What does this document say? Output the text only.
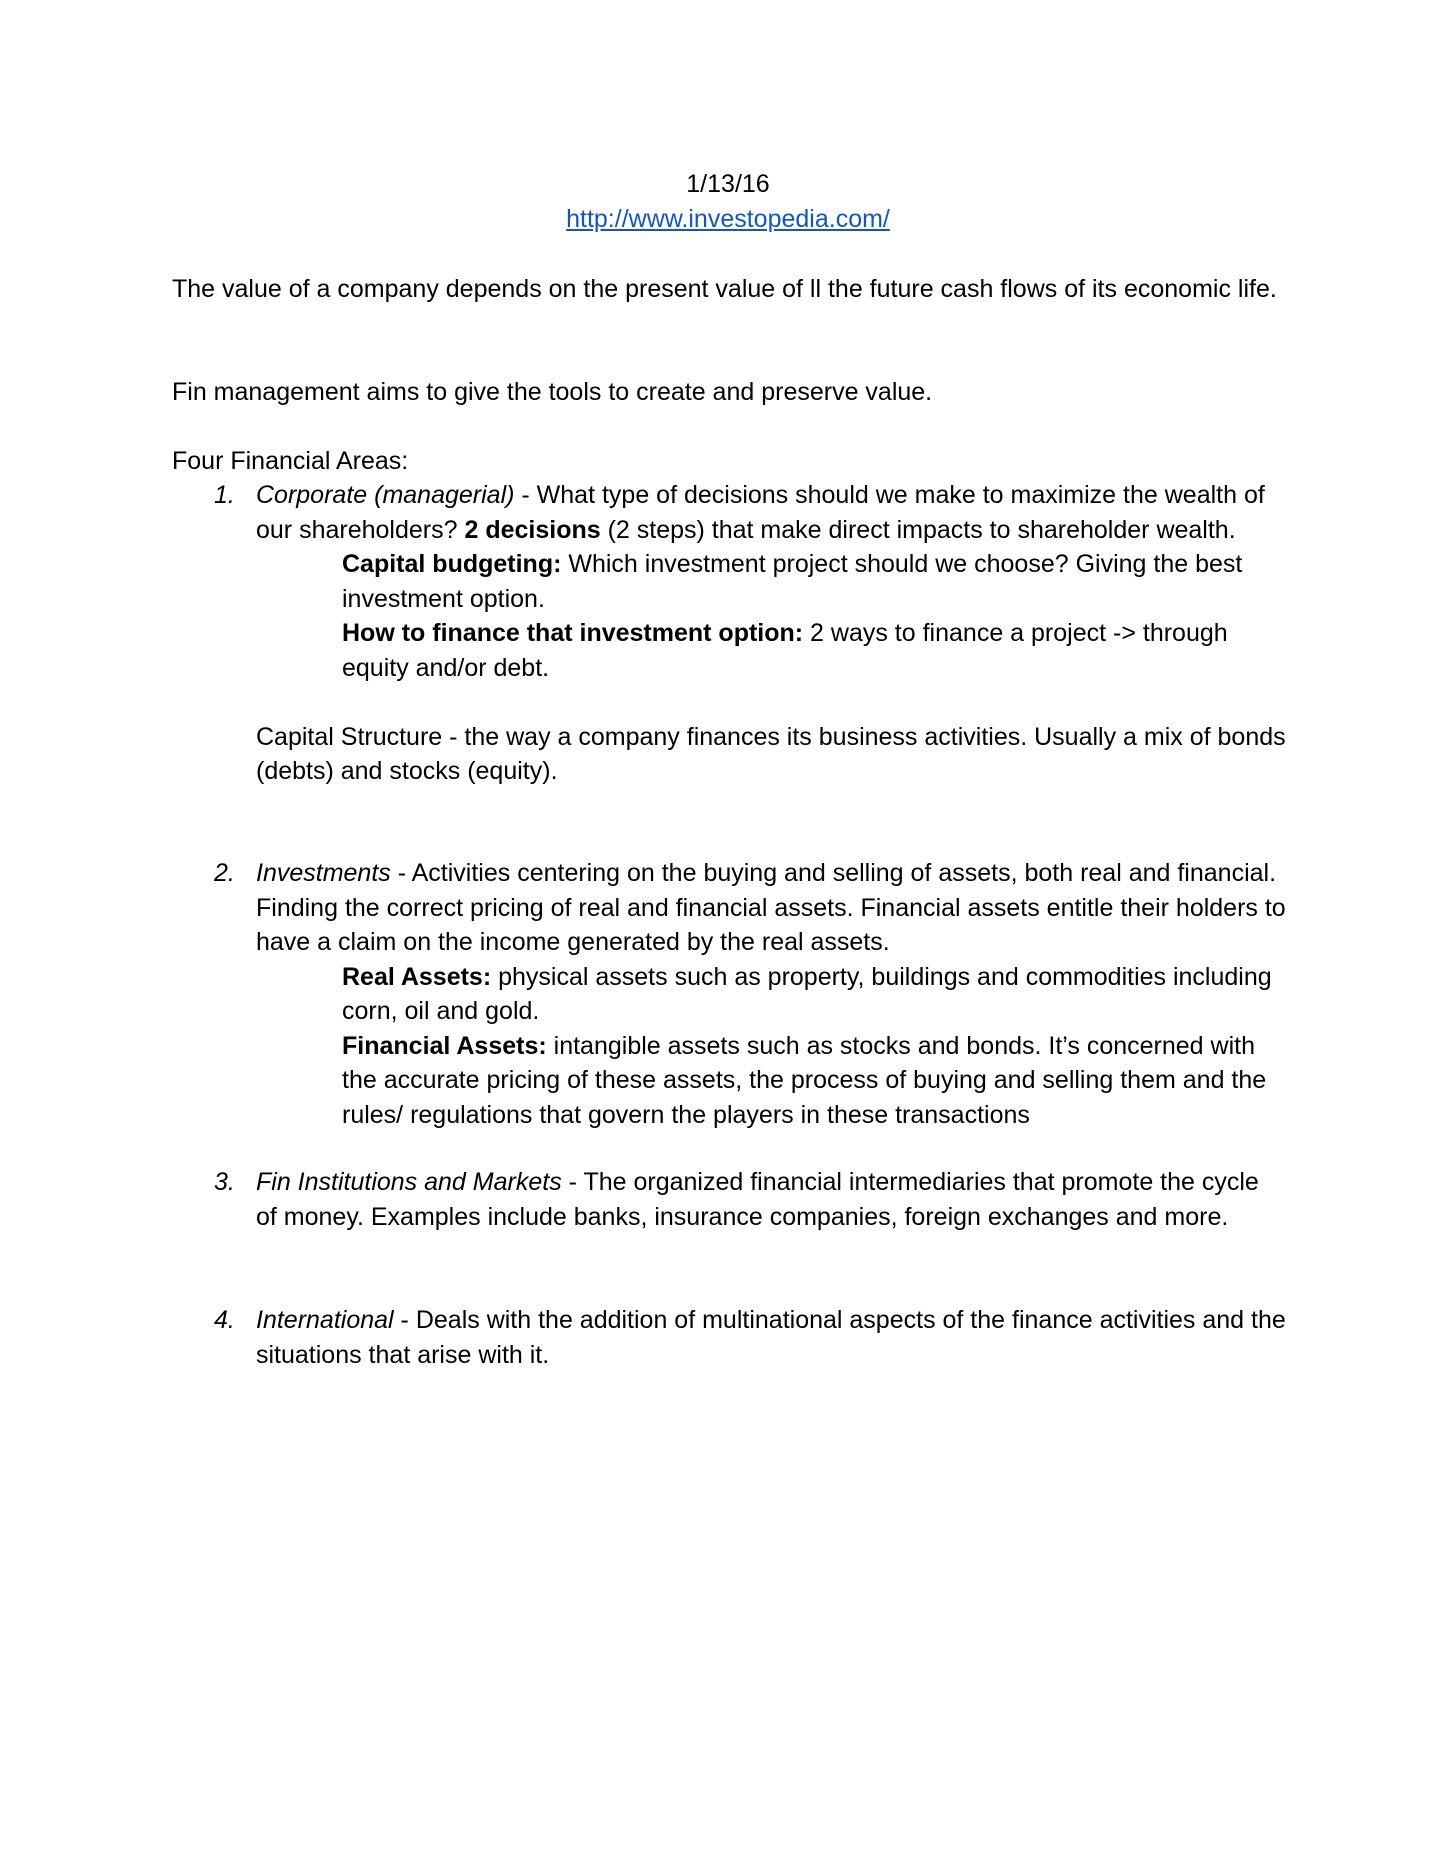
1/13/16
http://www.investopedia.com/

The value of a company depends on the present value of ll the future cash flows of its economic life.

Fin management aims to give the tools to create and preserve value.

Four Financial Areas:

1. Corporate (managerial) - What type of decisions should we make to maximize the wealth of our shareholders? 2 decisions (2 steps) that make direct impacts to shareholder wealth.
Capital budgeting: Which investment project should we choose? Giving the best investment option.
How to finance that investment option: 2 ways to finance a project -> through equity and/or debt.
Capital Structure - the way a company finances its business activities. Usually a mix of bonds (debts) and stocks (equity).
2. Investments - Activities centering on the buying and selling of assets, both real and financial. Finding the correct pricing of real and financial assets. Financial assets entitle their holders to have a claim on the income generated by the real assets.
Real Assets: physical assets such as property, buildings and commodities including corn, oil and gold.
Financial Assets: intangible assets such as stocks and bonds. It’s concerned with the accurate pricing of these assets, the process of buying and selling them and the rules/ regulations that govern the players in these transactions
3. Fin Institutions and Markets - The organized financial intermediaries that promote the cycle of money. Examples include banks, insurance companies, foreign exchanges and more.
4. International - Deals with the addition of multinational aspects of the finance activities and the situations that arise with it.
